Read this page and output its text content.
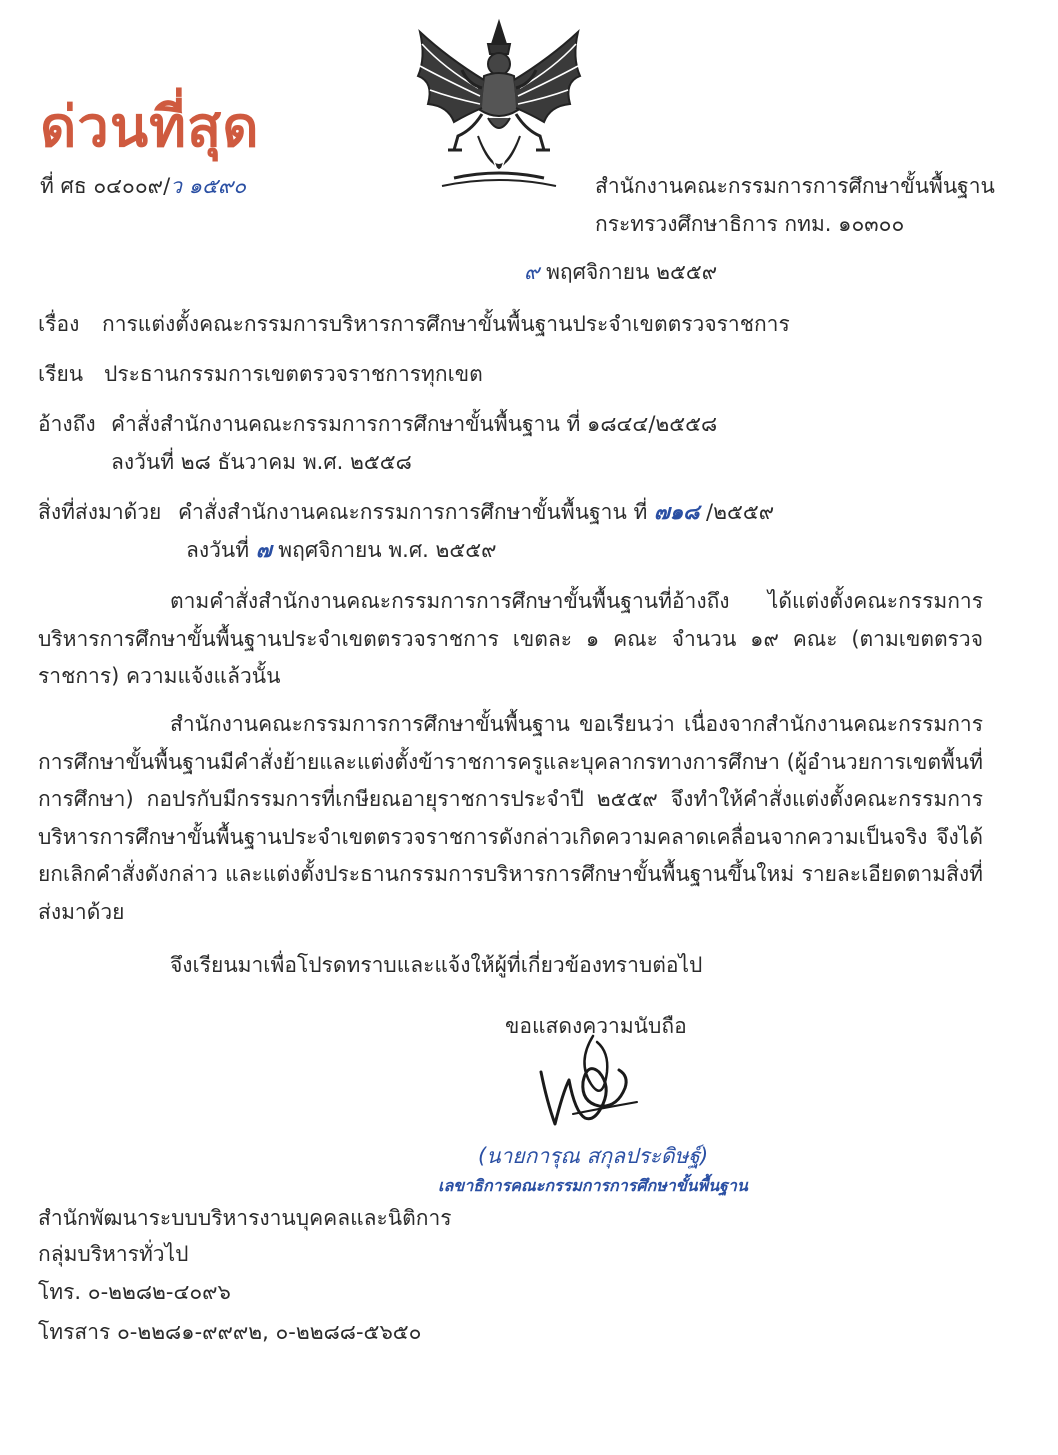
ด่วนที่สุด
ที่ ศธ ๐๔๐๐๙/ว ๑๕๙๐	สำนักงานคณะกรรมการการศึกษาขั้นพื้นฐาน
กระทรวงศึกษาธิการ กทม. ๑๐๓๐๐
๙ พฤศจิกายน ๒๕๕๙
เรื่อง การแต่งตั้งคณะกรรมการบริหารการศึกษาขั้นพื้นฐานประจำเขตตรวจราชการ
เรียน ประธานกรรมการเขตตรวจราชการทุกเขต
อ้างถึง คำสั่งสำนักงานคณะกรรมการการศึกษาขั้นพื้นฐาน ที่ ๑๘๔๔/๒๕๕๘
ลงวันที่ ๒๘ ธันวาคม พ.ศ. ๒๕๕๘
สิ่งที่ส่งมาด้วย คำสั่งสำนักงานคณะกรรมการการศึกษาขั้นพื้นฐาน ที่ ๗๑๘ /๒๕๕๙
ลงวันที่ ๗ พฤศจิกายน พ.ศ. ๒๕๕๙
ตามคำสั่งสำนักงานคณะกรรมการการศึกษาขั้นพื้นฐานที่อ้างถึง ได้แต่งตั้งคณะกรรมการบริหารการศึกษาขั้นพื้นฐานประจำเขตตรวจราชการ เขตละ ๑ คณะ จำนวน ๑๙ คณะ (ตามเขตตรวจราชการ) ความแจ้งแล้วนั้น
สำนักงานคณะกรรมการการศึกษาขั้นพื้นฐาน ขอเรียนว่า เนื่องจากสำนักงานคณะกรรมการการศึกษาขั้นพื้นฐานมีคำสั่งย้ายและแต่งตั้งข้าราชการครูและบุคลากรทางการศึกษา (ผู้อำนวยการเขตพื้นที่การศึกษา) กอปรกับมีกรรมการที่เกษียณอายุราชการประจำปี ๒๕๕๙ จึงทำให้คำสั่งแต่งตั้งคณะกรรมการบริหารการศึกษาขั้นพื้นฐานประจำเขตตรวจราชการดังกล่าวเกิดความคลาดเคลื่อนจากความเป็นจริง จึงได้ยกเลิกคำสั่งดังกล่าว และแต่งตั้งประธานกรรมการบริหารการศึกษาขั้นพื้นฐานขึ้นใหม่ รายละเอียดตามสิ่งที่ส่งมาด้วย
จึงเรียนมาเพื่อโปรดทราบและแจ้งให้ผู้ที่เกี่ยวข้องทราบต่อไป
ขอแสดงความนับถือ
(นายการุณ สกุลประดิษฐ์)
เลขาธิการคณะกรรมการการศึกษาขั้นพื้นฐาน
สำนักพัฒนาระบบบริหารงานบุคคลและนิติการ
กลุ่มบริหารทั่วไป
โทร. ๐-๒๒๘๒-๔๐๙๖
โทรสาร ๐-๒๒๘๑-๙๙๙๒, ๐-๒๒๘๘-๕๖๕๐
